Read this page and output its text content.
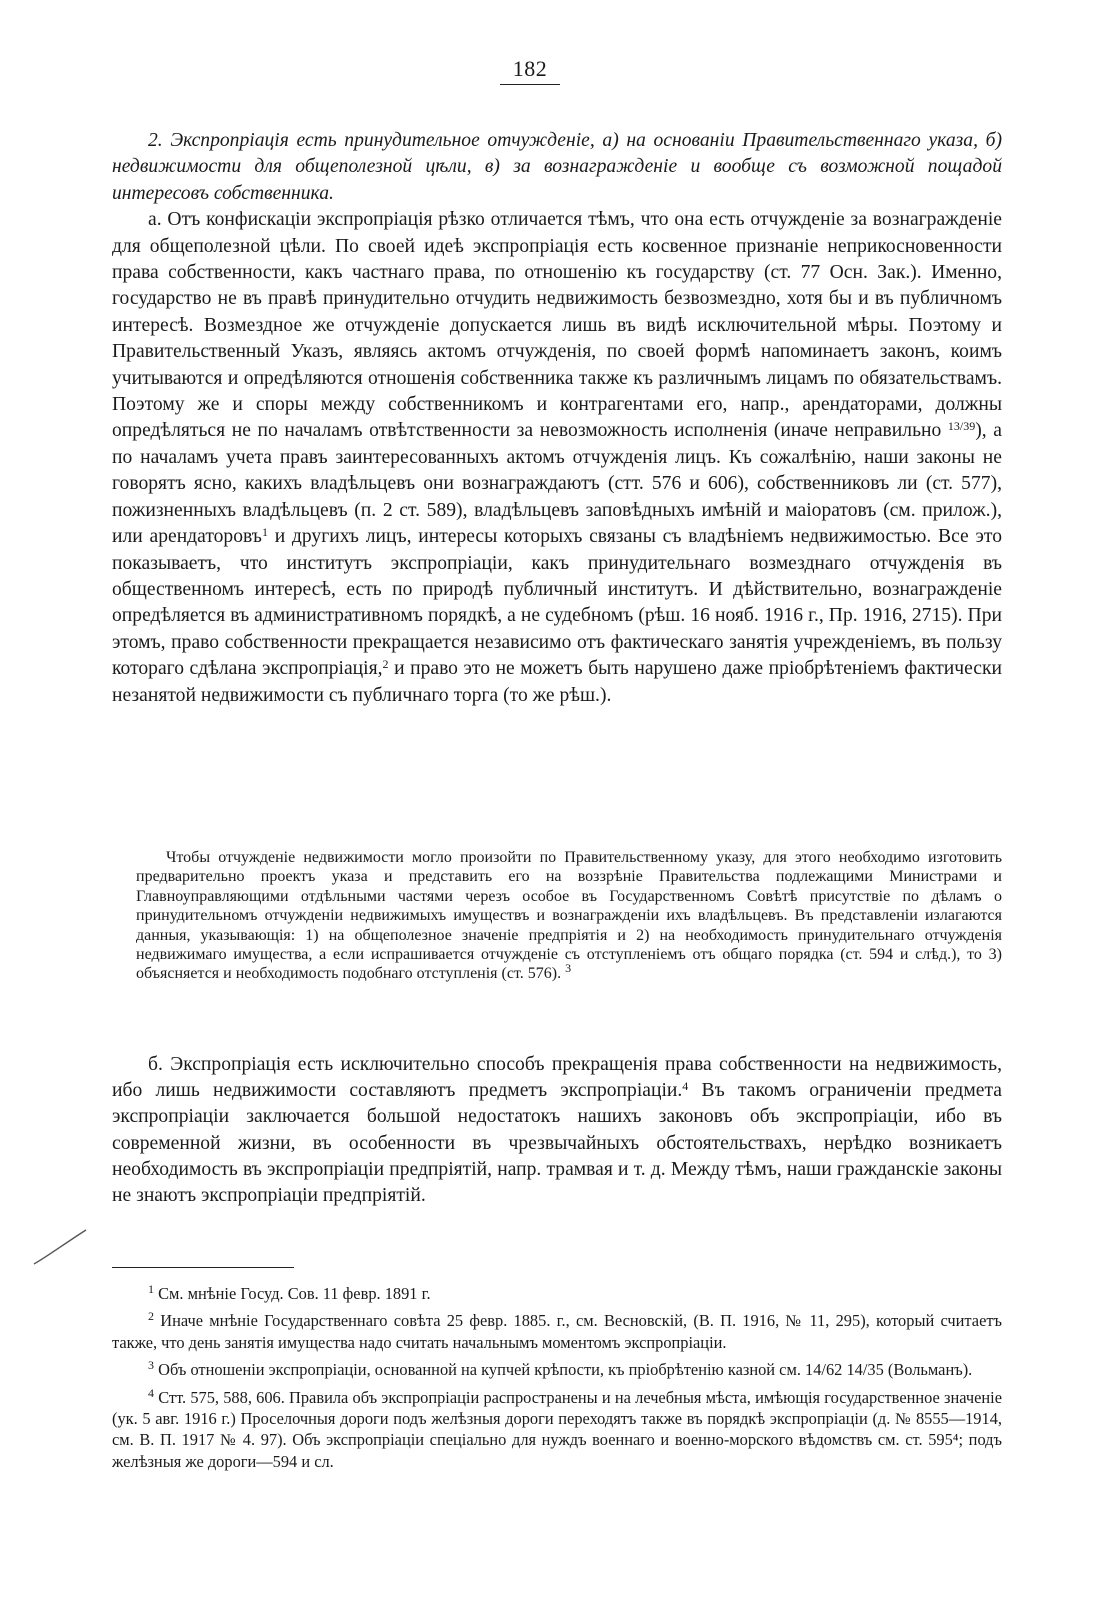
182

2. Экспропріація есть принудительное отчужденіе, а) на основаніи Правительственнаго указа, б) недвижимости для общеполезной цѣли, в) за вознагражденіе и вообще съ возможной пощадой интересовъ собственника.

а. Отъ конфискаціи экспропріація рѣзко отличается тѣмъ, что она есть отчужденіе за вознагражденіе для общеполезной цѣли. По своей идеѣ экспропріація есть косвенное признаніе неприкосновенности права собственности, какъ частнаго права, по отношенію къ государству (ст. 77 Осн. Зак.). Именно, государство не въ правѣ принудительно отчудить недвижимость безвозмездно, хотя бы и въ публичномъ интересѣ. Возмездное же отчужденіе допускается лишь въ видѣ исключительной мѣры. Поэтому и Правительственный Указъ, являясь актомъ отчужденія, по своей формѣ напоминаетъ законъ, коимъ учитываются и опредѣляются отношенія собственника также къ различнымъ лицамъ по обязательствамъ. Поэтому же и споры между собственникомъ и контрагентами его, напр., арендаторами, должны опредѣляться не по началамъ отвѣтственности за невозможность исполненія (иначе неправильно $^{13/39}$), а по началамъ учета правъ заинтересованныхъ актомъ отчужденія лицъ. Къ сожалѣнію, наши законы не говорятъ ясно, какихъ владѣльцевъ они вознаграждаютъ (стт. 576 и 606), собственниковъ ли (ст. 577), пожизненныхъ владѣльцевъ (п. 2 ст. 589), владѣльцевъ заповѣдныхъ имѣній и маіоратовъ (см. прилож.), или арендаторовъ$^1$ и другихъ лицъ, интересы которыхъ связаны съ владѣніемъ недвижимостью. Все это показываетъ, что институтъ экспропріаціи, какъ принудительнаго возмезднаго отчужденія въ общественномъ интересѣ, есть по природѣ публичный институтъ. И дѣйствительно, вознагражденіе опредѣляется въ административномъ порядкѣ, а не судебномъ (рѣш. 16 нояб. 1916 г., Пр. 1916, 2715). При этомъ, право собственности прекращается независимо отъ фактическаго занятія учрежденіемъ, въ пользу котораго сдѣлана экспропріація,$^2$ и право это не можетъ быть нарушено даже пріобрѣтеніемъ фактически незанятой недвижимости съ публичнаго торга (то же рѣш.).

Чтобы отчужденіе недвижимости могло произойти по Правительственному указу, для этого необходимо изготовить предварительно проектъ указа и представить его на воззрѣніе Правительства подлежащими Министрами и Главноуправляющими отдѣльными частями черезъ особое въ Государственномъ Совѣтѣ присутствіе по дѣламъ о принудительномъ отчужденіи недвижимыхъ имуществъ и вознагражденіи ихъ владѣльцевъ. Въ представленіи излагаются данныя, указывающія: 1) на общеполезное значеніе предпріятія и 2) на необходимость принудительнаго отчужденія недвижимаго имущества, а если испрашивается отчужденіе съ отступленіемъ отъ общаго порядка (ст. 594 и слѣд.), то 3) объясняется и необходимость подобнаго отступленія (ст. 576). $^3$

б. Экспропріація есть исключительно способъ прекращенія права собственности на недвижимость, ибо лишь недвижимости составляютъ предметъ экспропріаціи.$^4$ Въ такомъ ограниченіи предмета экспропріаціи заключается большой недостатокъ нашихъ законовъ объ экспропріаціи, ибо въ современной жизни, въ особенности въ чрезвычайныхъ обстоятельствахъ, нерѣдко возникаетъ необходимость въ экспропріаціи предпріятій, напр. трамвая и т. д. Между тѣмъ, наши гражданскіе законы не знаютъ экспропріаціи предпріятій.

$^1$ См. мнѣніе Госуд. Сов. 11 февр. 1891 г.

$^2$ Иначе мнѣніе Государственнаго совѣта 25 февр. 1885. г., см. Весновскій, (В. П. 1916, № 11, 295), который считаетъ также, что день занятія имущества надо считать начальнымъ моментомъ экспропріаціи.

$^3$ Объ отношеніи экспропріаціи, основанной на купчей крѣпости, къ пріобрѣтенію казной см. 14/62 14/35 (Вольманъ).

$^4$ Стт. 575, 588, 606. Правила объ экспропріаціи распространены и на лечебныя мѣста, имѣющія государственное значеніе (ук. 5 авг. 1916 г.) Проселочныя дороги подъ желѣзныя дороги переходятъ также въ порядкѣ экспропріаціи (д. № 8555—1914, см. В. П. 1917 № 4. 97). Объ экспропріаціи спеціально для нуждъ военнаго и военно-морского вѣдомствъ см. ст. 595⁴; подъ желѣзныя же дороги—594 и сл.
